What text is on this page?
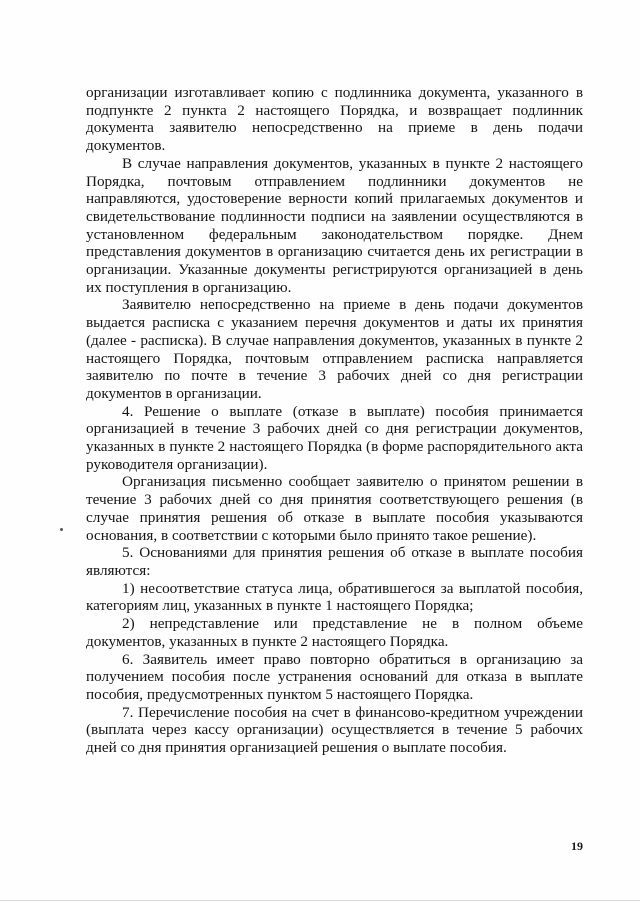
организации изготавливает копию с подлинника документа, указанного в подпункте 2 пункта 2 настоящего Порядка, и возвращает подлинник документа заявителю непосредственно на приеме в день подачи документов.

В случае направления документов, указанных в пункте 2 настоящего Порядка, почтовым отправлением подлинники документов не направляются, удостоверение верности копий прилагаемых документов и свидетельствование подлинности подписи на заявлении осуществляются в установленном федеральным законодательством порядке. Днем представления документов в организацию считается день их регистрации в организации. Указанные документы регистрируются организацией в день их поступления в организацию.

Заявителю непосредственно на приеме в день подачи документов выдается расписка с указанием перечня документов и даты их принятия (далее - расписка). В случае направления документов, указанных в пункте 2 настоящего Порядка, почтовым отправлением расписка направляется заявителю по почте в течение 3 рабочих дней со дня регистрации документов в организации.

4. Решение о выплате (отказе в выплате) пособия принимается организацией в течение 3 рабочих дней со дня регистрации документов, указанных в пункте 2 настоящего Порядка (в форме распорядительного акта руководителя организации).

Организация письменно сообщает заявителю о принятом решении в течение 3 рабочих дней со дня принятия соответствующего решения (в случае принятия решения об отказе в выплате пособия указываются основания, в соответствии с которыми было принято такое решение).

5. Основаниями для принятия решения об отказе в выплате пособия являются:

1) несоответствие статуса лица, обратившегося за выплатой пособия, категориям лиц, указанных в пункте 1 настоящего Порядка;

2) непредставление или представление не в полном объеме документов, указанных в пункте 2 настоящего Порядка.

6. Заявитель имеет право повторно обратиться в организацию за получением пособия после устранения оснований для отказа в выплате пособия, предусмотренных пунктом 5 настоящего Порядка.

7. Перечисление пособия на счет в финансово-кредитном учреждении (выплата через кассу организации) осуществляется в течение 5 рабочих дней со дня принятия организацией решения о выплате пособия.

19
